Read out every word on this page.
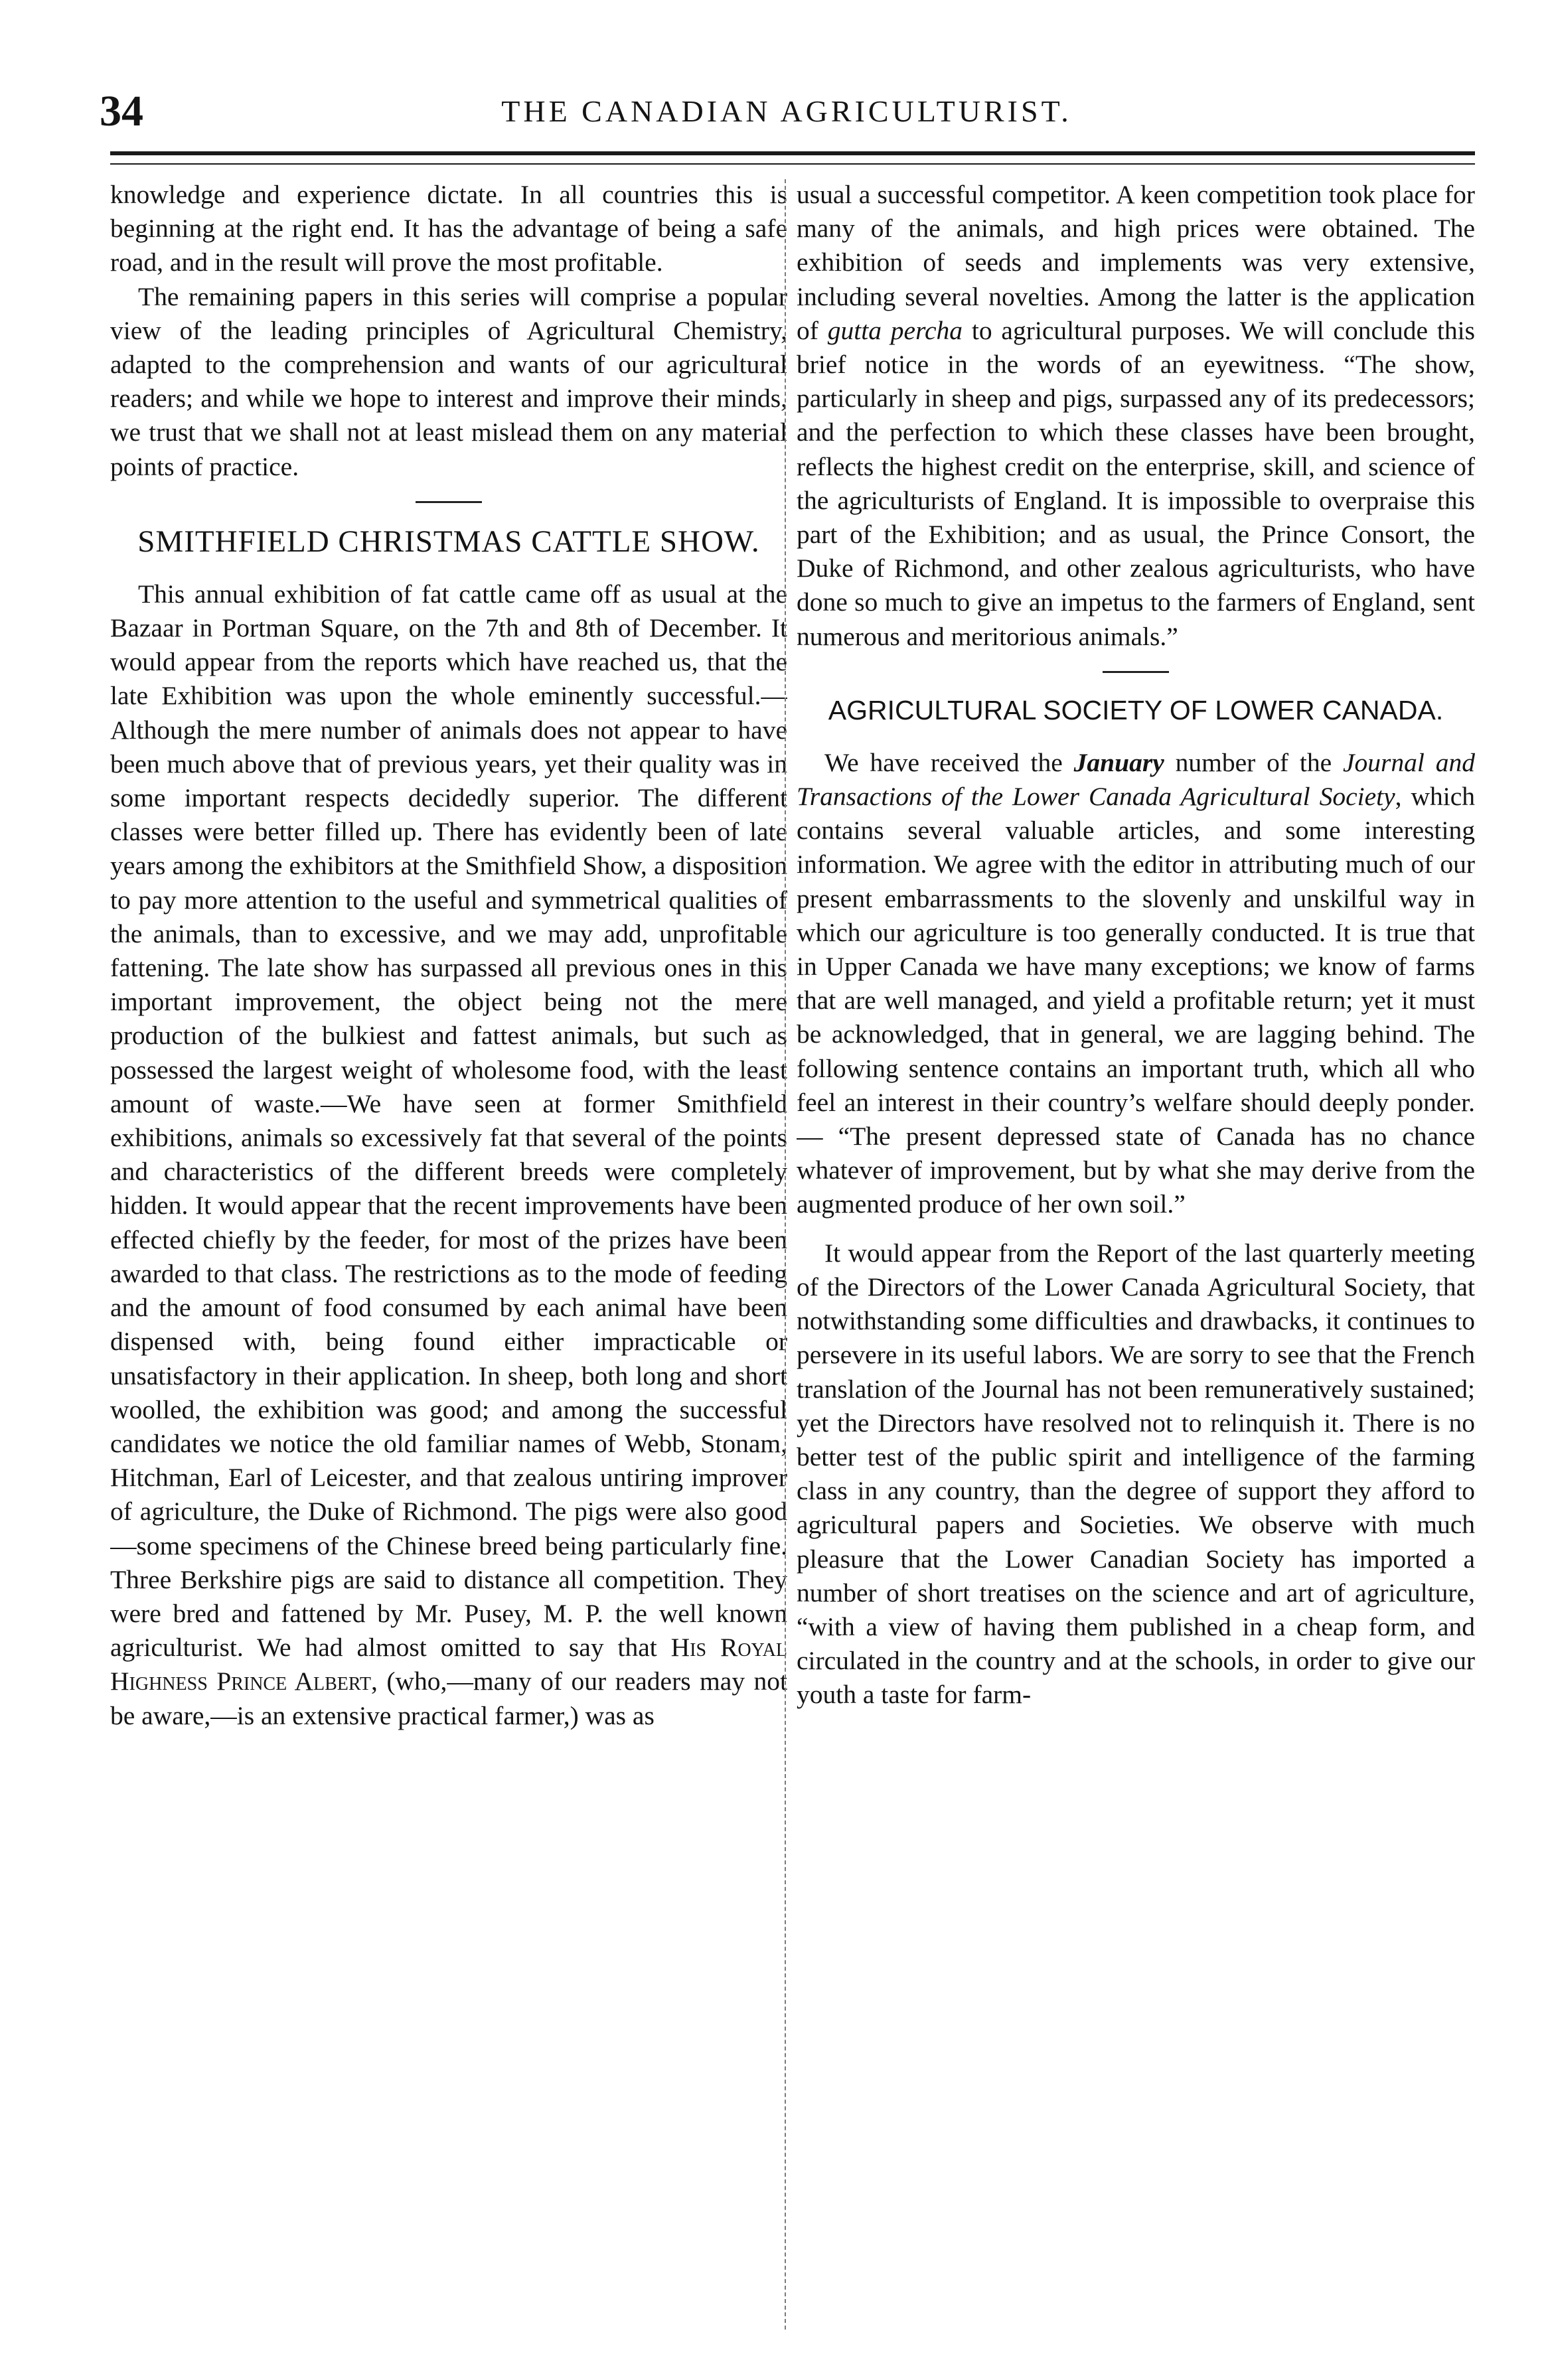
34	THE CANADIAN AGRICULTURIST.

knowledge and experience dictate. In all countries this is beginning at the right end. It has the advantage of being a safe road, and in the result will prove the most profitable.

The remaining papers in this series will comprise a popular view of the leading principles of Agricultural Chemistry, adapted to the comprehension and wants of our agricultural readers; and while we hope to interest and improve their minds, we trust that we shall not at least mislead them on any material points of practice.

SMITHFIELD CHRISTMAS CATTLE SHOW.

This annual exhibition of fat cattle came off as usual at the Bazaar in Portman Square, on the 7th and 8th of December. It would appear from the reports which have reached us, that the late Exhibition was upon the whole eminently successful.—Although the mere number of animals does not appear to have been much above that of previous years, yet their quality was in some important respects decidedly superior. The different classes were better filled up. There has evidently been of late years among the exhibitors at the Smithfield Show, a disposition to pay more attention to the useful and symmetrical qualities of the animals, than to excessive, and we may add, unprofitable fattening. The late show has surpassed all previous ones in this important improvement, the object being not the mere production of the bulkiest and fattest animals, but such as possessed the largest weight of wholesome food, with the least amount of waste.—We have seen at former Smithfield exhibitions, animals so excessively fat that several of the points and characteristics of the different breeds were completely hidden. It would appear that the recent improvements have been effected chiefly by the feeder, for most of the prizes have been awarded to that class. The restrictions as to the mode of feeding and the amount of food consumed by each animal have been dispensed with, being found either impracticable or unsatisfactory in their application. In sheep, both long and short woolled, the exhibition was good; and among the successful candidates we notice the old familiar names of Webb, Stonam, Hitchman, Earl of Leicester, and that zealous untiring improver of agriculture, the Duke of Richmond. The pigs were also good—some specimens of the Chinese breed being particularly fine. Three Berkshire pigs are said to distance all competition. They were bred and fattened by Mr. Pusey, M. P. the well known agriculturist. We had almost omitted to say that His Royal Highness Prince Albert, (who,—many of our readers may not be aware,—is an extensive practical farmer,) was as

usual a successful competitor. A keen competition took place for many of the animals, and high prices were obtained. The exhibition of seeds and implements was very extensive, including several novelties. Among the latter is the application of gutta percha to agricultural purposes. We will conclude this brief notice in the words of an eyewitness. “The show, particularly in sheep and pigs, surpassed any of its predecessors; and the perfection to which these classes have been brought, reflects the highest credit on the enterprise, skill, and science of the agriculturists of England. It is impossible to overpraise this part of the Exhibition; and as usual, the Prince Consort, the Duke of Richmond, and other zealous agriculturists, who have done so much to give an impetus to the farmers of England, sent numerous and meritorious animals.”

AGRICULTURAL SOCIETY OF LOWER CANADA.

We have received the January number of the Journal and Transactions of the Lower Canada Agricultural Society, which contains several valuable articles, and some interesting information. We agree with the editor in attributing much of our present embarrassments to the slovenly and unskilful way in which our agriculture is too generally conducted. It is true that in Upper Canada we have many exceptions; we know of farms that are well managed, and yield a profitable return; yet it must be acknowledged, that in general, we are lagging behind. The following sentence contains an important truth, which all who feel an interest in their country’s welfare should deeply ponder.— “The present depressed state of Canada has no chance whatever of improvement, but by what she may derive from the augmented produce of her own soil.”

It would appear from the Report of the last quarterly meeting of the Directors of the Lower Canada Agricultural Society, that notwithstanding some difficulties and drawbacks, it continues to persevere in its useful labors. We are sorry to see that the French translation of the Journal has not been remuneratively sustained; yet the Directors have resolved not to relinquish it. There is no better test of the public spirit and intelligence of the farming class in any country, than the degree of support they afford to agricultural papers and Societies. We observe with much pleasure that the Lower Canadian Society has imported a number of short treatises on the science and art of agriculture, “with a view of having them published in a cheap form, and circulated in the country and at the schools, in order to give our youth a taste for farm-
